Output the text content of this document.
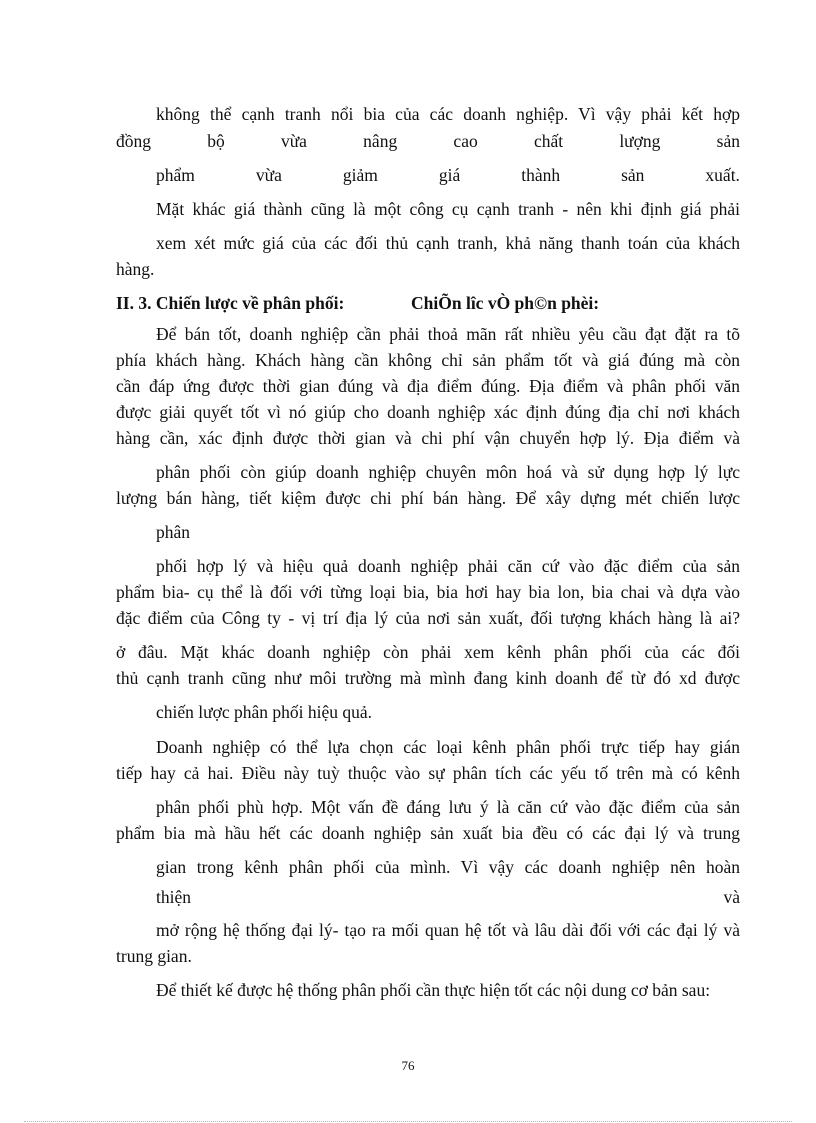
không thể cạnh tranh nổi bia của các doanh nghiệp. Vì vậy phải kết hợp
đồng	bộ	vừa	nâng	cao	chất	lượng	sản
phẩm	vừa	giảm	giá	thành	sản	xuất.
Mặt khác giá thành cũng là một công cụ cạnh tranh - nên khi định giá phải
xem xét mức giá của các đối thủ cạnh tranh, khả năng thanh toán của khách
hàng.
II. 3. Chiến lược về phân phối:	ChiÕn lîc vÒ ph©n phèi:
Để bán tốt, doanh nghiệp cần phải thoả mãn rất nhiều yêu cầu đạt đặt ra tõ
phía khách hàng. Khách hàng cần không chỉ sản phẩm tốt và giá đúng mà còn
cần đáp ứng được thời gian đúng và địa điểm đúng. Địa điểm và phân phối văn
được giải quyết tốt vì nó giúp cho doanh nghiệp xác định đúng địa chỉ nơi khách
hàng cần, xác định được thời gian và chi phí vận chuyển hợp lý. Địa điểm và
phân phối còn giúp doanh nghiệp chuyên môn hoá và sử dụng hợp lý lực
lượng bán hàng, tiết kiệm được chi phí bán hàng. Để xây dựng mét chiến lược
phân
phối hợp lý và hiệu quả doanh nghiệp phải căn cứ vào đặc điểm của sản
phẩm bia- cụ thể là đối với từng loại bia, bia hơi hay bia lon, bia chai và dựa vào
đặc điểm của Công ty - vị trí địa lý của nơi sản xuất, đối tượng khách hàng là ai?
ở đâu. Mặt khác doanh nghiệp còn phải xem kênh phân phối của các đối
thủ cạnh tranh cũng như môi trường mà mình đang kinh doanh để từ đó xd được
chiến lược phân phối hiệu quả.
Doanh nghiệp có thể lựa chọn các loại kênh phân phối trực tiếp hay gián
tiếp hay cả hai. Điều này tuỳ thuộc vào sự phân tích các yếu tố trên mà có kênh
phân phối phù hợp. Một vấn đề đáng lưu ý là căn cứ vào đặc điểm của sản
phẩm bia mà hầu hết các doanh nghiệp sản xuất bia đều có các đại lý và trung
gian trong kênh phân phối của mình. Vì vậy các doanh nghiệp nên hoàn
thiện	và
mở rộng hệ thống đại lý- tạo ra mối quan hệ tốt và lâu dài đối với các đại lý và
trung gian.
Để thiết kế được hệ thống phân phối cần thực hiện tốt các nội dung cơ bản sau:
76
